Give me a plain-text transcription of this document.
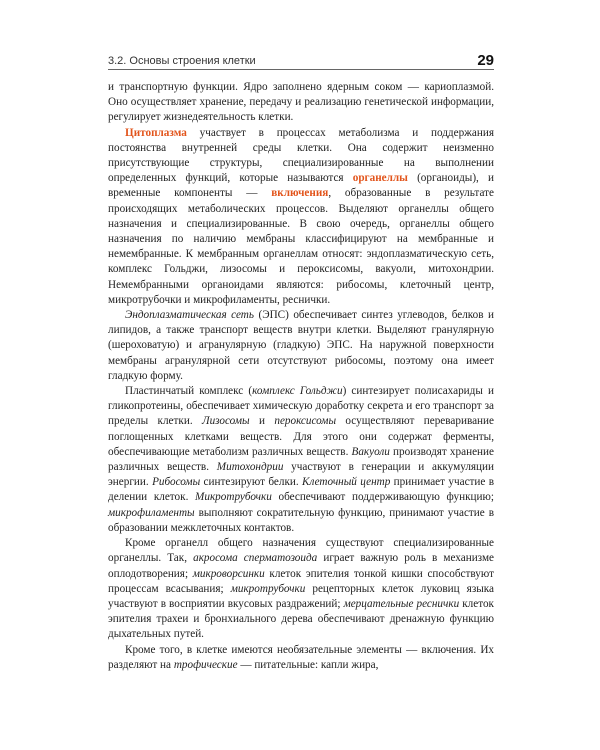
3.2. Основы строения клетки	29

и транспортную функции. Ядро заполнено ядерным соком — кариоплазмой. Оно осуществляет хранение, передачу и реализацию генетической информации, регулирует жизнедеятельность клетки.

Цитоплазма участвует в процессах метаболизма и поддержания постоянства внутренней среды клетки. Она содержит неизменно присутствующие структуры, специализированные на выполнении определенных функций, которые называются органеллы (органоиды), и временные компоненты — включения, образованные в результате происходящих метаболических процессов. Выделяют органеллы общего назначения и специализированные. В свою очередь, органеллы общего назначения по наличию мембраны классифицируют на мембранные и немембранные. К мембранным органеллам относят: эндоплазматическую сеть, комплекс Гольджи, лизосомы и пероксисомы, вакуоли, митохондрии. Немембранными органоидами являются: рибосомы, клеточный центр, микротрубочки и микрофиламенты, реснички.

Эндоплазматическая сеть (ЭПС) обеспечивает синтез углеводов, белков и липидов, а также транспорт веществ внутри клетки. Выделяют гранулярную (шероховатую) и агранулярную (гладкую) ЭПС. На наружной поверхности мембраны агранулярной сети отсутствуют рибосомы, поэтому она имеет гладкую форму.

Пластинчатый комплекс (комплекс Гольджи) синтезирует полисахариды и гликопротеины, обеспечивает химическую доработку секрета и его транспорт за пределы клетки. Лизосомы и пероксисомы осуществляют переваривание поглощенных клетками веществ. Для этого они содержат ферменты, обеспечивающие метаболизм различных веществ. Вакуоли производят хранение различных веществ. Митохондрии участвуют в генерации и аккумуляции энергии. Рибосомы синтезируют белки. Клеточный центр принимает участие в делении клеток. Микротрубочки обеспечивают поддерживающую функцию; микрофиламенты выполняют сократительную функцию, принимают участие в образовании межклеточных контактов.

Кроме органелл общего назначения существуют специализированные органеллы. Так, акросома сперматозоида играет важную роль в механизме оплодотворения; микроворсинки клеток эпителия тонкой кишки способствуют процессам всасывания; микротрубочки рецепторных клеток луковиц языка участвуют в восприятии вкусовых раздражений; мерцательные реснички клеток эпителия трахеи и бронхиального дерева обеспечивают дренажную функцию дыхательных путей.

Кроме того, в клетке имеются необязательные элементы — включения. Их разделяют на трофические — питательные: капли жира,
